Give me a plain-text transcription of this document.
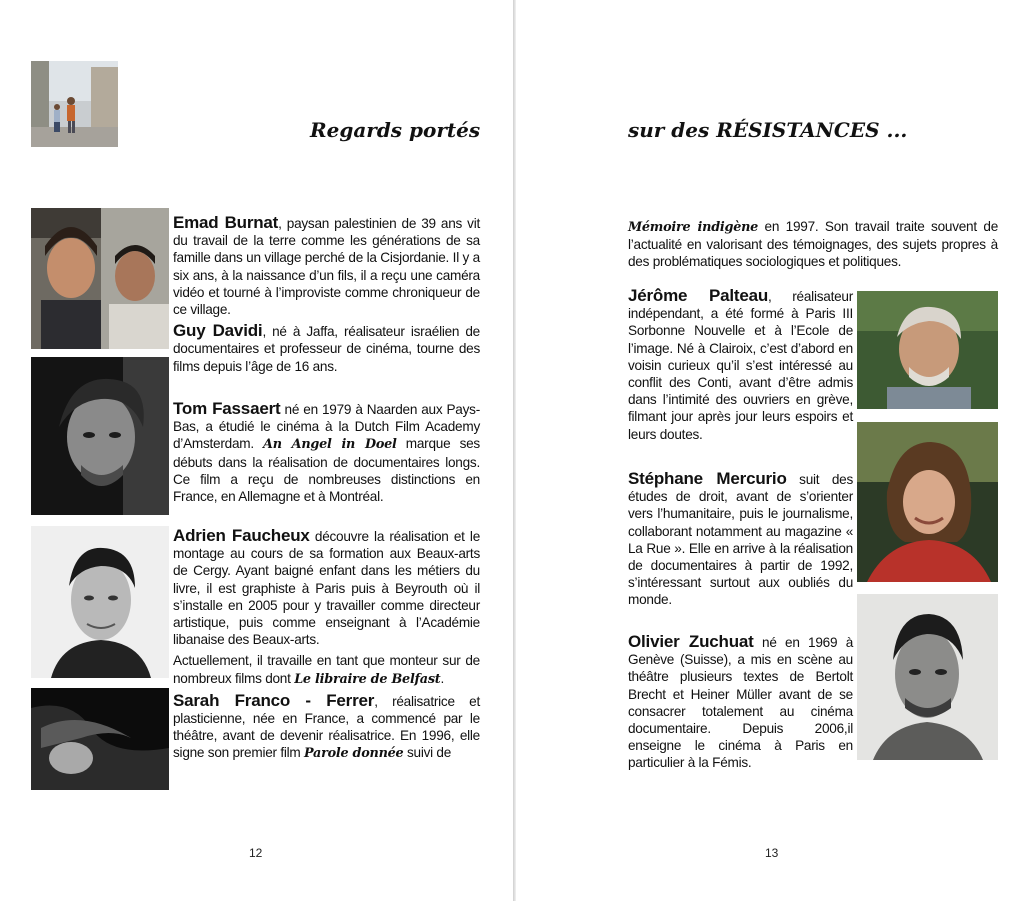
Regards portés

Emad Burnat, paysan palestinien de 39 ans vit du travail de la terre comme les générations de sa famille dans un village perché de la Cisjordanie. Il y a six ans, à la naissance d’un fils, il a reçu une caméra vidéo et tourné à l’improviste comme chroniqueur de ce village.

Guy Davidi, né à Jaffa, réalisateur israélien de documentaires et professeur de cinéma, tourne des films depuis l’âge de 16 ans.

Tom Fassaert né en 1979 à Naarden aux Pays-Bas, a étudié le cinéma à la Dutch Film Academy d’Amsterdam. An Angel in Doel marque ses débuts dans la réalisation de documentaires longs. Ce film a reçu de nombreuses distinctions en France, en Allemagne et à Montréal.

Adrien Faucheux découvre la réalisation et le montage au cours de sa formation aux Beaux-arts de Cergy. Ayant baigné enfant dans les métiers du livre, il est graphiste à Paris puis à Beyrouth où il s’installe en 2005 pour y travailler comme directeur artistique, puis comme enseignant à l’Académie libanaise des Beaux-arts.

Actuellement, il travaille en tant que monteur sur de nombreux films dont Le libraire de Belfast.

Sarah Franco - Ferrer, réalisatrice et plasticienne, née en France, a commencé par le théâtre, avant de devenir réalisatrice. En 1996, elle signe son premier film Parole donnée suivi de

12
sur des RÉSISTANCES ...

Mémoire indigène en 1997. Son travail traite souvent de l’actualité en valorisant des témoignages, des sujets propres à des problématiques sociologiques et politiques.

Jérôme Palteau, réalisateur indépendant, a été formé à Paris III Sorbonne Nouvelle et à l’Ecole de l’image. Né à Clairoix, c’est d’abord en voisin curieux qu’il s’est intéressé au conflit des Conti, avant d’être admis dans l’intimité des ouvriers en grève, filmant jour après jour leurs espoirs et leurs doutes.

Stéphane Mercurio suit des études de droit, avant de s’orienter vers l’humanitaire, puis le journalisme, collaborant notamment au magazine « La Rue ». Elle en arrive à la réalisation de documentaires à partir de 1992, s’intéressant surtout aux oubliés du monde.

Olivier Zuchuat né en 1969 à Genève (Suisse), a mis en scène au théâtre plusieurs textes de Bertolt Brecht et Heiner Müller avant de se consacrer totalement au cinéma documentaire. Depuis 2006,il enseigne le cinéma à Paris en particulier à la Fémis.

13
